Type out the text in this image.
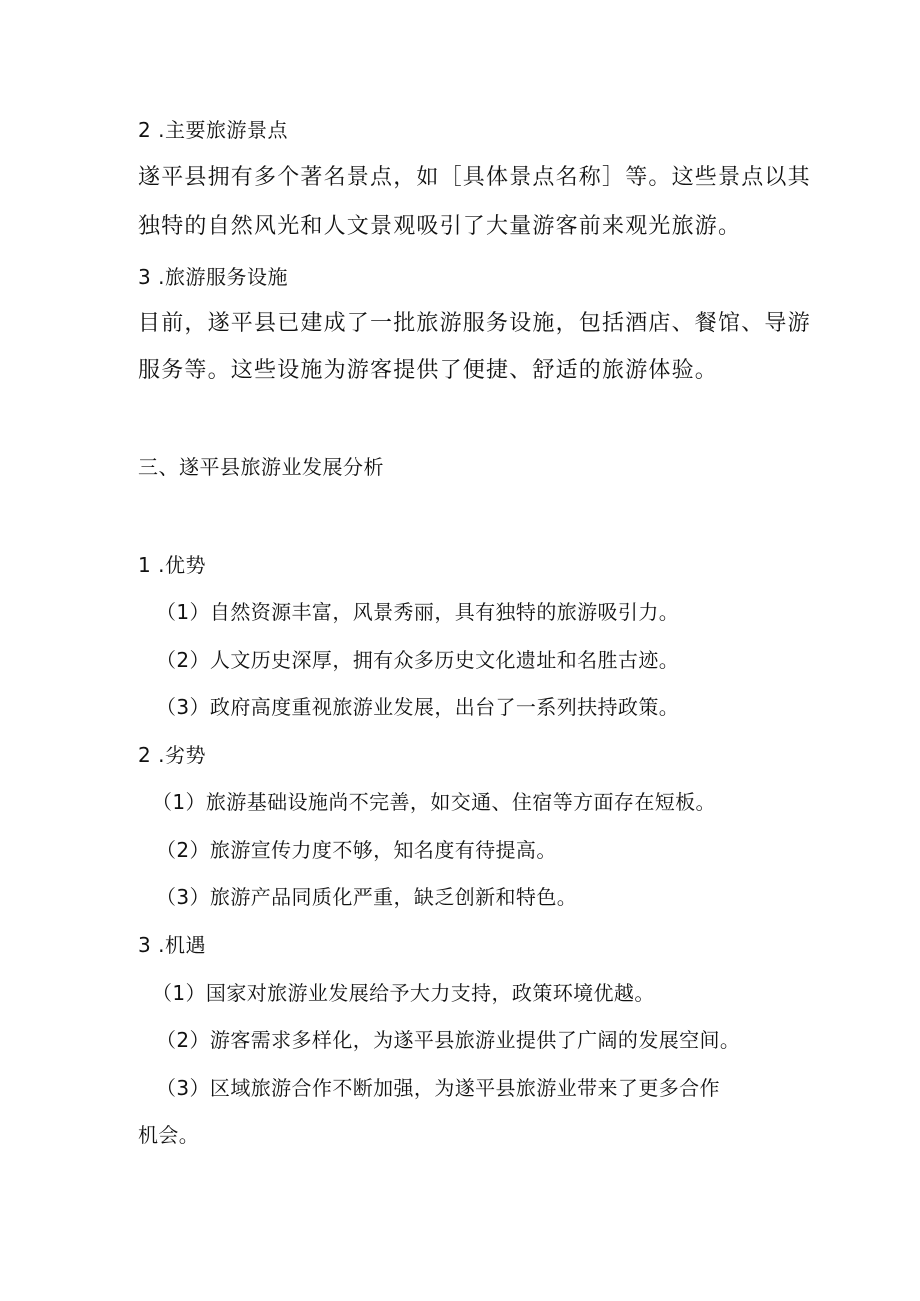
2 .主要旅游景点
遂平县拥有多个著名景点，如［具体景点名称］等。这些景点以其
独特的自然风光和人文景观吸引了大量游客前来观光旅游。
3 .旅游服务设施
目前，遂平县已建成了一批旅游服务设施，包括酒店、餐馆、导游
服务等。这些设施为游客提供了便捷、舒适的旅游体验。
三、遂平县旅游业发展分析
1 .优势
（1）自然资源丰富，风景秀丽，具有独特的旅游吸引力。
（2）人文历史深厚，拥有众多历史文化遗址和名胜古迹。
（3）政府高度重视旅游业发展，出台了一系列扶持政策。
2 .劣势
（1）旅游基础设施尚不完善，如交通、住宿等方面存在短板。
（2）旅游宣传力度不够，知名度有待提高。
（3）旅游产品同质化严重，缺乏创新和特色。
3 .机遇
（1）国家对旅游业发展给予大力支持，政策环境优越。
（2）游客需求多样化，为遂平县旅游业提供了广阔的发展空间。
（3）区域旅游合作不断加强，为遂平县旅游业带来了更多合作
机会。
